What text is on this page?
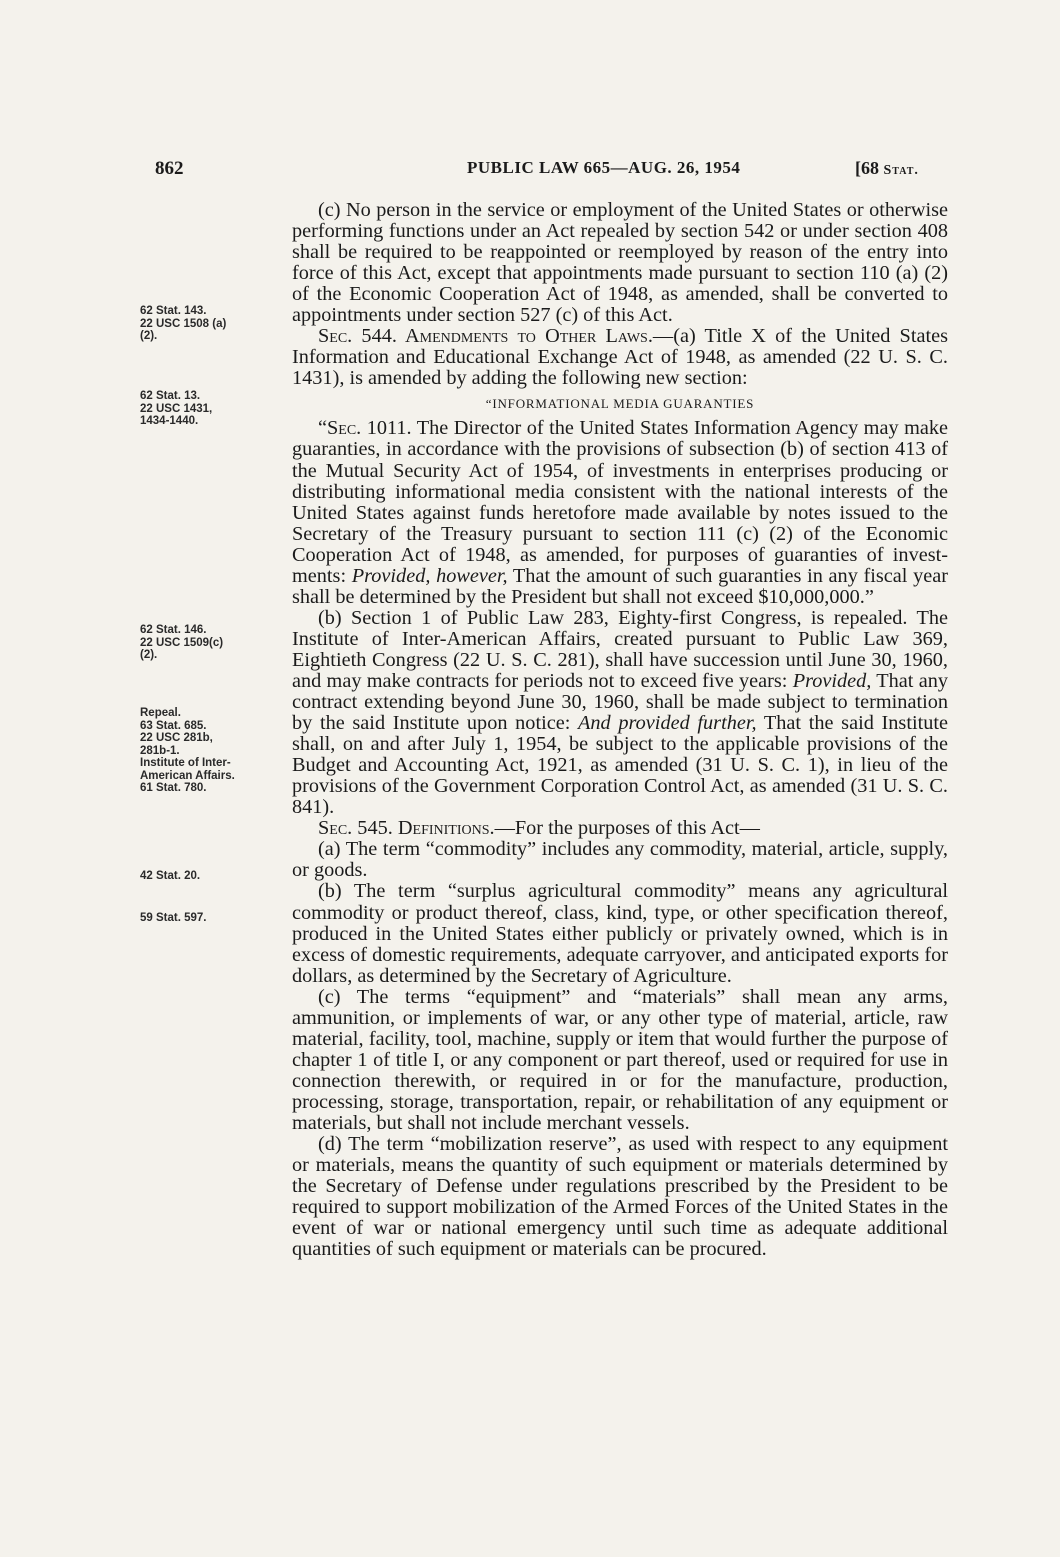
862	PUBLIC LAW 665—AUG. 26, 1954	[68 Stat.
62 Stat. 143.
22 USC 1508 (a)
(2).
62 Stat. 13.
22 USC 1431,
1434-1440.
62 Stat. 146.
22 USC 1509(c)
(2).
Repeal.
63 Stat. 685.
22 USC 281b,
281b-1.
Institute of Inter-
American Affairs.
61 Stat. 780.
42 Stat. 20.
59 Stat. 597.

(c) No person in the service or employment of the United States or otherwise performing functions under an Act repealed by section 542 or under section 408 shall be required to be reappointed or reemployed by reason of the entry into force of this Act, except that appointments made pursuant to section 110 (a) (2) of the Economic Cooperation Act of 1948, as amended, shall be converted to appointments under section 527 (c) of this Act.

Sec. 544. Amendments to Other Laws.—(a) Title X of the United States Information and Educational Exchange Act of 1948, as amended (22 U. S. C. 1431), is amended by adding the following new section:

“INFORMATIONAL MEDIA GUARANTIES

“Sec. 1011. The Director of the United States Information Agency may make guaranties, in accordance with the provisions of subsection (b) of section 413 of the Mutual Security Act of 1954, of investments in enterprises producing or distributing informational media consistent with the national interests of the United States against funds heretofore made available by notes issued to the Secretary of the Treasury pursuant to section 111 (c) (2) of the Economic Cooperation Act of 1948, as amended, for purposes of guaranties of investments: Provided, however, That the amount of such guaranties in any fiscal year shall be determined by the President but shall not exceed $10,000,000.”

(b) Section 1 of Public Law 283, Eighty-first Congress, is repealed. The Institute of Inter-American Affairs, created pursuant to Public Law 369, Eightieth Congress (22 U. S. C. 281), shall have succession until June 30, 1960, and may make contracts for periods not to exceed five years: Provided, That any contract extending beyond June 30, 1960, shall be made subject to termination by the said Institute upon notice: And provided further, That the said Institute shall, on and after July 1, 1954, be subject to the applicable provisions of the Budget and Accounting Act, 1921, as amended (31 U. S. C. 1), in lieu of the provisions of the Government Corporation Control Act, as amended (31 U. S. C. 841).

Sec. 545. Definitions.—For the purposes of this Act—

(a) The term “commodity” includes any commodity, material, article, supply, or goods.

(b) The term “surplus agricultural commodity” means any agricultural commodity or product thereof, class, kind, type, or other specification thereof, produced in the United States either publicly or privately owned, which is in excess of domestic requirements, adequate carryover, and anticipated exports for dollars, as determined by the Secretary of Agriculture.

(c) The terms “equipment” and “materials” shall mean any arms, ammunition, or implements of war, or any other type of material, article, raw material, facility, tool, machine, supply or item that would further the purpose of chapter 1 of title I, or any component or part thereof, used or required for use in connection therewith, or required in or for the manufacture, production, processing, storage, transportation, repair, or rehabilitation of any equipment or materials, but shall not include merchant vessels.

(d) The term “mobilization reserve”, as used with respect to any equipment or materials, means the quantity of such equipment or materials determined by the Secretary of Defense under regulations prescribed by the President to be required to support mobilization of the Armed Forces of the United States in the event of war or national emergency until such time as adequate additional quantities of such equipment or materials can be procured.
